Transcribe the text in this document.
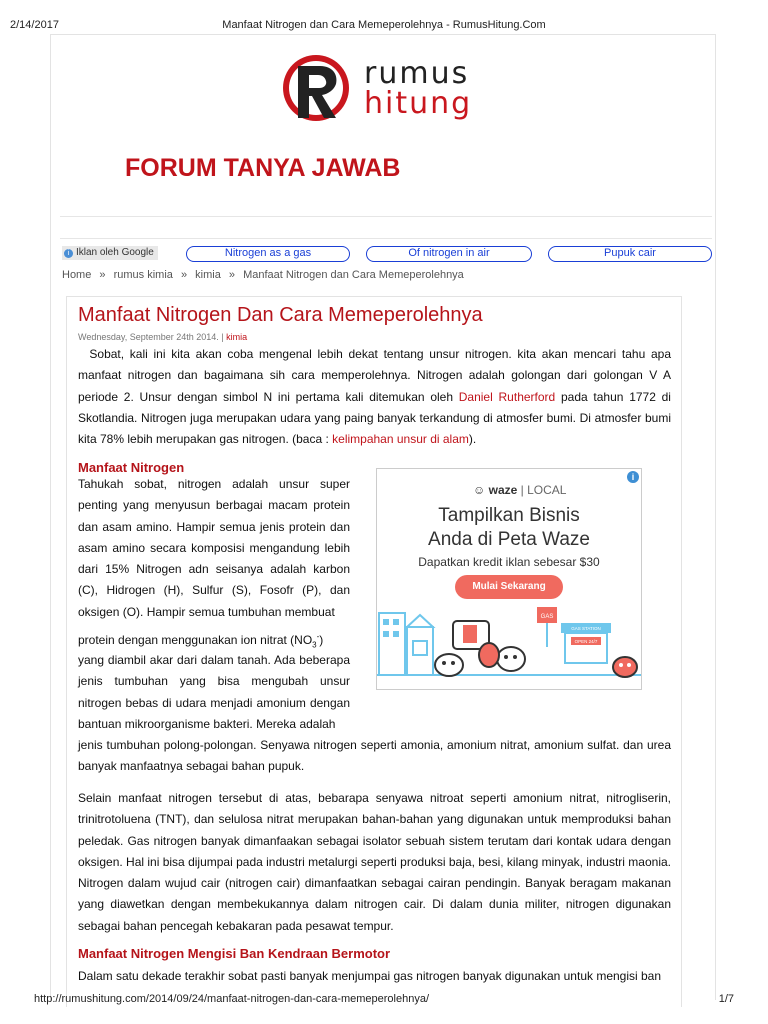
2/14/2017	Manfaat Nitrogen dan Cara Memeperolehnya - RumusHitung.Com
rumus
hitung
FORUM TANYA JAWAB
i Iklan oleh Google	Nitrogen as a gas	Of nitrogen in air	Pupuk cair
Home » rumus kimia » kimia » Manfaat Nitrogen dan Cara Memeperolehnya
Manfaat Nitrogen Dan Cara Memeperolehnya
Wednesday, September 24th 2014. | kimia
Sobat, kali ini kita akan coba mengenal lebih dekat tentang unsur nitrogen. kita akan mencari tahu apa manfaat nitrogen dan bagaimana sih cara memperolehnya. Nitrogen adalah golongan dari golongan V A periode 2. Unsur dengan simbol N ini pertama kali ditemukan oleh Daniel Rutherford pada tahun 1772 di Skotlandia. Nitrogen juga merupakan udara yang paing banyak terkandung di atmosfer bumi. Di atmosfer bumi kita 78% lebih merupakan gas nitrogen. (baca : kelimpahan unsur di alam).
Manfaat Nitrogen
Tahukah sobat, nitrogen adalah unsur super penting yang menyusun berbagai macam protein dan asam amino. Hampir semua jenis protein dan asam amino secara komposisi mengandung lebih dari 15% Nitrogen adn seisanya adalah karbon (C), Hidrogen (H), Sulfur (S), Fosofr (P), dan oksigen (O). Hampir semua tumbuhan membuat
protein dengan menggunakan ion nitrat $(NO_3^-)$
yang diambil akar dari dalam tanah. Ada beberapa jenis tumbuhan yang bisa mengubah unsur nitrogen bebas di udara menjadi amonium dengan bantuan mikroorganisme bakteri. Mereka adalah
jenis tumbuhan polong-polongan. Senyawa nitrogen seperti amonia, amonium nitrat, amonium sulfat. dan urea banyak manfaatnya sebagai bahan pupuk.
Selain manfaat nitrogen tersebut di atas, bebarapa senyawa nitroat seperti amonium nitrat, nitrogliserin, trinitrotoluena (TNT), dan selulosa nitrat merupakan bahan-bahan yang digunakan untuk memproduksi bahan peledak. Gas nitrogen banyak dimanfaakan sebagai isolator sebuah sistem terutam dari kontak udara dengan oksigen. Hal ini bisa dijumpai pada industri metalurgi seperti produksi baja, besi, kilang minyak, industri maonia. Nitrogen dalam wujud cair (nitrogen cair) dimanfaatkan sebagai cairan pendingin. Banyak beragam makanan yang diawetkan dengan membekukannya dalam nitrogen cair. Di dalam dunia militer, nitrogen digunakan sebagai bahan pencegah kebakaran pada pesawat tempur.
Manfaat Nitrogen Mengisi Ban Kendraan Bermotor
Dalam satu dekade terakhir sobat pasti banyak menjumpai gas nitrogen banyak digunakan untuk mengisi ban
i
☺ waze | LOCAL
Tampilkan Bisnis
Anda di Peta Waze
Dapatkan kredit iklan sebesar $30
Mulai Sekarang
GAS
GAS STATION
OPEN 24/7
http://rumushitung.com/2014/09/24/manfaat-nitrogen-dan-cara-memeperolehnya/	1/7
